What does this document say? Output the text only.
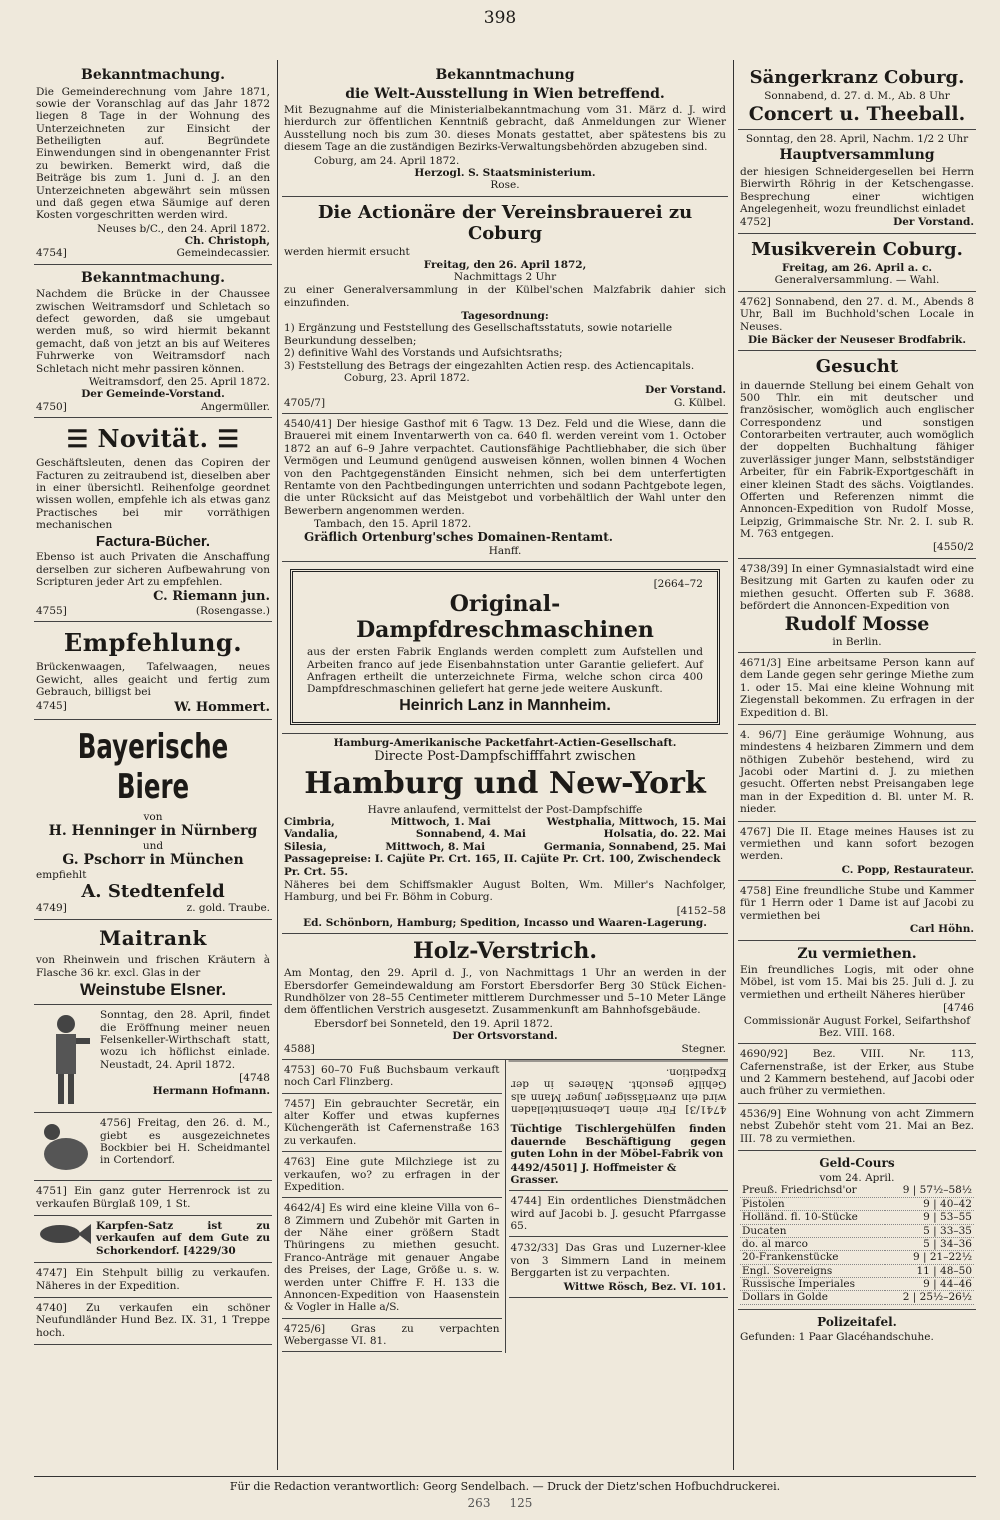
398
Bekanntmachung.
Die Gemeinderechnung vom Jahre 1871, sowie der Voranschlag auf das Jahr 1872 liegen 8 Tage in der Wohnung des Unterzeichneten zur Einsicht der Betheiligten auf. Begründete Einwendungen sind in obengenannter Frist zu bewirken. Bemerkt wird, daß die Beiträge bis zum 1. Juni d. J. an den Unterzeichneten abgewährt sein müssen und daß gegen etwa Säumige auf deren Kosten vorgeschritten werden wird.
Neuses b/C., den 24. April 1872.
Ch. Christoph,
4754]	Gemeindecassier.
Bekanntmachung.
Nachdem die Brücke in der Chaussee zwischen Weitramsdorf und Schletach so defect geworden, daß sie umgebaut werden muß, so wird hiermit bekannt gemacht, daß von jetzt an bis auf Weiteres Fuhrwerke von Weitramsdorf nach Schletach nicht mehr passiren können.
Weitramsdorf, den 25. April 1872.
Der Gemeinde-Vorstand.
4750]	Angermüller.
☰ Novität. ☰
Geschäftsleuten, denen das Copiren der Facturen zu zeitraubend ist, dieselben aber in einer übersichtl. Reihenfolge geordnet wissen wollen, empfehle ich als etwas ganz Practisches bei mir vorräthigen mechanischen
Factura-Bücher.
Ebenso ist auch Privaten die Anschaffung derselben zur sicheren Aufbewahrung von Scripturen jeder Art zu empfehlen.
C. Riemann jun.
4755]	(Rosengasse.)
Empfehlung.
Brückenwaagen, Tafelwaagen, neues Gewicht, alles geaicht und fertig zum Gebrauch, billigst bei
4745]	W. Hommert.
Bayerische Biere
von
H. Henninger in Nürnberg
und
G. Pschorr in München
empfiehlt
A. Stedtenfeld
4749]	z. gold. Traube.
Maitrank
von Rheinwein und frischen Kräutern à Flasche 36 kr. excl. Glas in der
Weinstube Elsner.
Sonntag, den 28. April, findet die Eröffnung meiner neuen Felsenkeller-Wirthschaft statt, wozu ich höflichst einlade. Neustadt, 24. April 1872.
[4748
Hermann Hofmann.
4756] Freitag, den 26. d. M., giebt es ausgezeichnetes Bockbier bei H. Scheidmantel in Cortendorf.
4751] Ein ganz guter Herrenrock ist zu verkaufen Bürglaß 109, 1 St.
Karpfen-Satz ist zu verkaufen auf dem Gute zu Schorkendorf. [4229/30
4747] Ein Stehpult billig zu verkaufen. Näheres in der Expedition.
4740] Zu verkaufen ein schöner Neufundländer Hund Bez. IX. 31, 1 Treppe hoch.
Bekanntmachung
die Welt-Ausstellung in Wien betreffend.
Mit Bezugnahme auf die Ministerialbekanntmachung vom 31. März d. J. wird hierdurch zur öffentlichen Kenntniß gebracht, daß Anmeldungen zur Wiener Ausstellung noch bis zum 30. dieses Monats gestattet, aber spätestens bis zu diesem Tage an die zuständigen Bezirks-Verwaltungsbehörden abzugeben sind.
Coburg, am 24. April 1872.
Herzogl. S. Staatsministerium.
Rose.
Die Actionäre der Vereinsbrauerei zu Coburg
werden hiermit ersucht
Freitag, den 26. April 1872,
Nachmittags 2 Uhr
zu einer Generalversammlung in der Külbel'schen Malzfabrik dahier sich einzufinden.
Tagesordnung:
1) Ergänzung und Feststellung des Gesellschaftsstatuts, sowie notarielle Beurkundung desselben;
2) definitive Wahl des Vorstands und Aufsichtsraths;
3) Feststellung des Betrags der eingezahlten Actien resp. des Actiencapitals.
Coburg, 23. April 1872.
Der Vorstand.
4705/7]	G. Külbel.
4540/41] Der hiesige Gasthof mit 6 Tagw. 13 Dez. Feld und die Wiese, dann die Brauerei mit einem Inventarwerth von ca. 640 fl. werden vereint vom 1. October 1872 an auf 6–9 Jahre verpachtet. Cautionsfähige Pachtliebhaber, die sich über Vermögen und Leumund genügend ausweisen können, wollen binnen 4 Wochen von den Pachtgegenständen Einsicht nehmen, sich bei dem unterfertigten Rentamte von den Pachtbedingungen unterrichten und sodann Pachtgebote legen, die unter Rücksicht auf das Meistgebot und vorbehältlich der Wahl unter den Bewerbern angenommen werden.
Tambach, den 15. April 1872.
Gräflich Ortenburg'sches Domainen-Rentamt.
Hanff.
[2664–72
Original-Dampfdreschmaschinen
aus der ersten Fabrik Englands werden complett zum Aufstellen und Arbeiten franco auf jede Eisenbahnstation unter Garantie geliefert. Auf Anfragen ertheilt die unterzeichnete Firma, welche schon circa 400 Dampfdreschmaschinen geliefert hat gerne jede weitere Auskunft.
Heinrich Lanz in Mannheim.
Hamburg-Amerikanische Packetfahrt-Actien-Gesellschaft.
Directe Post-Dampfschifffahrt zwischen
Hamburg und New-York
Havre anlaufend, vermittelst der Post-Dampfschiffe
Cimbria,	Mittwoch, 1. Mai	Westphalia, Mittwoch, 15. Mai
Vandalia,	Sonnabend, 4. Mai	Holsatia, do. 22. Mai
Silesia,	Mittwoch, 8. Mai	Germania, Sonnabend, 25. Mai
Passagepreise: I. Cajüte Pr. Crt. 165, II. Cajüte Pr. Crt. 100, Zwischendeck Pr. Crt. 55.
Näheres bei dem Schiffsmakler August Bolten, Wm. Miller's Nachfolger, Hamburg, und bei Fr. Böhm in Coburg.
[4152–58
Ed. Schönborn, Hamburg; Spedition, Incasso und Waaren-Lagerung.
Holz-Verstrich.
Am Montag, den 29. April d. J., von Nachmittags 1 Uhr an werden in der Ebersdorfer Gemeindewaldung am Forstort Ebersdorfer Berg 30 Stück Eichen-Rundhölzer von 28–55 Centimeter mittlerem Durchmesser und 5–10 Meter Länge dem öffentlichen Verstrich ausgesetzt. Zusammenkunft am Bahnhofsgebäude.
Ebersdorf bei Sonneteld, den 19. April 1872.
Der Ortsvorstand.
4588]	Stegner.
4753] 60–70 Fuß Buchsbaum verkauft noch Carl Flinzberg.
7457] Ein gebrauchter Secretär, ein alter Koffer und etwas kupfernes Küchengeräth ist Cafernenstraße 163 zu verkaufen.
4763] Eine gute Milchziege ist zu verkaufen, wo? zu erfragen in der Expedition.
4642/4] Es wird eine kleine Villa von 6–8 Zimmern und Zubehör mit Garten in der Nähe einer größern Stadt Thüringens zu miethen gesucht. Franco-Anträge mit genauer Angabe des Preises, der Lage, Größe u. s. w. werden unter Chiffre F. H. 133 die Annoncen-Expedition von Haasenstein & Vogler in Halle a/S.
4725/6] Gras zu verpachten Webergasse VI. 81.
4741/3] Für einen Lebensmittelladen wird ein zuverlässiger junger Mann als Gehilfe gesucht. Näheres in der Expedition.
Tüchtige Tischlergehülfen finden dauernde Beschäftigung gegen guten Lohn in der Möbel-Fabrik von
4492/4501] J. Hoffmeister & Grasser.
4744] Ein ordentliches Dienstmädchen wird auf Jacobi b. J. gesucht Pfarrgasse 65.
4732/33] Das Gras und Luzerner-klee von 3 Simmern Land in meinem Berggarten ist zu verpachten.
Wittwe Rösch, Bez. VI. 101.
Sängerkranz Coburg.
Sonnabend, d. 27. d. M., Ab. 8 Uhr
Concert u. Theeball.
Sonntag, den 28. April, Nachm. 1/2 2 Uhr
Hauptversammlung
der hiesigen Schneidergesellen bei Herrn Bierwirth Röhrig in der Ketschengasse. Besprechung einer wichtigen Angelegenheit, wozu freundlichst einladet
4752]	Der Vorstand.
Musikverein Coburg.
Freitag, am 26. April a. c.
Generalversammlung. — Wahl.
4762] Sonnabend, den 27. d. M., Abends 8 Uhr, Ball im Buchhold'schen Locale in Neuses.
Die Bäcker der Neuseser Brodfabrik.
Gesucht
in dauernde Stellung bei einem Gehalt von 500 Thlr. ein mit deutscher und französischer, womöglich auch englischer Correspondenz und sonstigen Contorarbeiten vertrauter, auch womöglich der doppelten Buchhaltung fähiger zuverlässiger junger Mann, selbstständiger Arbeiter, für ein Fabrik-Exportgeschäft in einer kleinen Stadt des sächs. Voigtlandes. Offerten und Referenzen nimmt die Annoncen-Expedition von Rudolf Mosse, Leipzig, Grimmaische Str. Nr. 2. I. sub R. M. 763 entgegen.
[4550/2
4738/39] In einer Gymnasialstadt wird eine Besitzung mit Garten zu kaufen oder zu miethen gesucht. Offerten sub F. 3688. befördert die Annoncen-Expedition von
Rudolf Mosse
in Berlin.
4671/3] Eine arbeitsame Person kann auf dem Lande gegen sehr geringe Miethe zum 1. oder 15. Mai eine kleine Wohnung mit Ziegenstall bekommen. Zu erfragen in der Expedition d. Bl.
4. 96/7] Eine geräumige Wohnung, aus mindestens 4 heizbaren Zimmern und dem nöthigen Zubehör bestehend, wird zu Jacobi oder Martini d. J. zu miethen gesucht. Offerten nebst Preisangaben lege man in der Expedition d. Bl. unter M. R. nieder.
4767] Die II. Etage meines Hauses ist zu vermiethen und kann sofort bezogen werden.
C. Popp, Restaurateur.
4758] Eine freundliche Stube und Kammer für 1 Herrn oder 1 Dame ist auf Jacobi zu vermiethen bei
Carl Höhn.
Zu vermiethen.
Ein freundliches Logis, mit oder ohne Möbel, ist vom 15. Mai bis 25. Juli d. J. zu vermiethen und ertheilt Näheres hierüber
[4746
Commissionär August Forkel, Seifarthshof Bez. VIII. 168.
4690/92] Bez. VIII. Nr. 113, Cafernenstraße, ist der Erker, aus Stube und 2 Kammern bestehend, auf Jacobi oder auch früher zu vermiethen.
4536/9] Eine Wohnung von acht Zimmern nebst Zubehör steht vom 21. Mai an Bez. III. 78 zu vermiethen.
Geld-Cours
vom 24. April.
Preuß. Friedrichsd'or	9 | 57½–58½
Pistolen	9 | 40–42
Holländ. fl. 10-Stücke	9 | 53–55
Ducaten	5 | 33–35
do. al marco	5 | 34–36
20-Frankenstücke	9 | 21–22½
Engl. Sovereigns	11 | 48–50
Russische Imperiales	9 | 44–46
Dollars in Golde	2 | 25½–26½
Polizeitafel.
Gefunden: 1 Paar Glacéhandschuhe.
Für die Redaction verantwortlich: Georg Sendelbach. — Druck der Dietz'schen Hofbuchdruckerei.
263 125
